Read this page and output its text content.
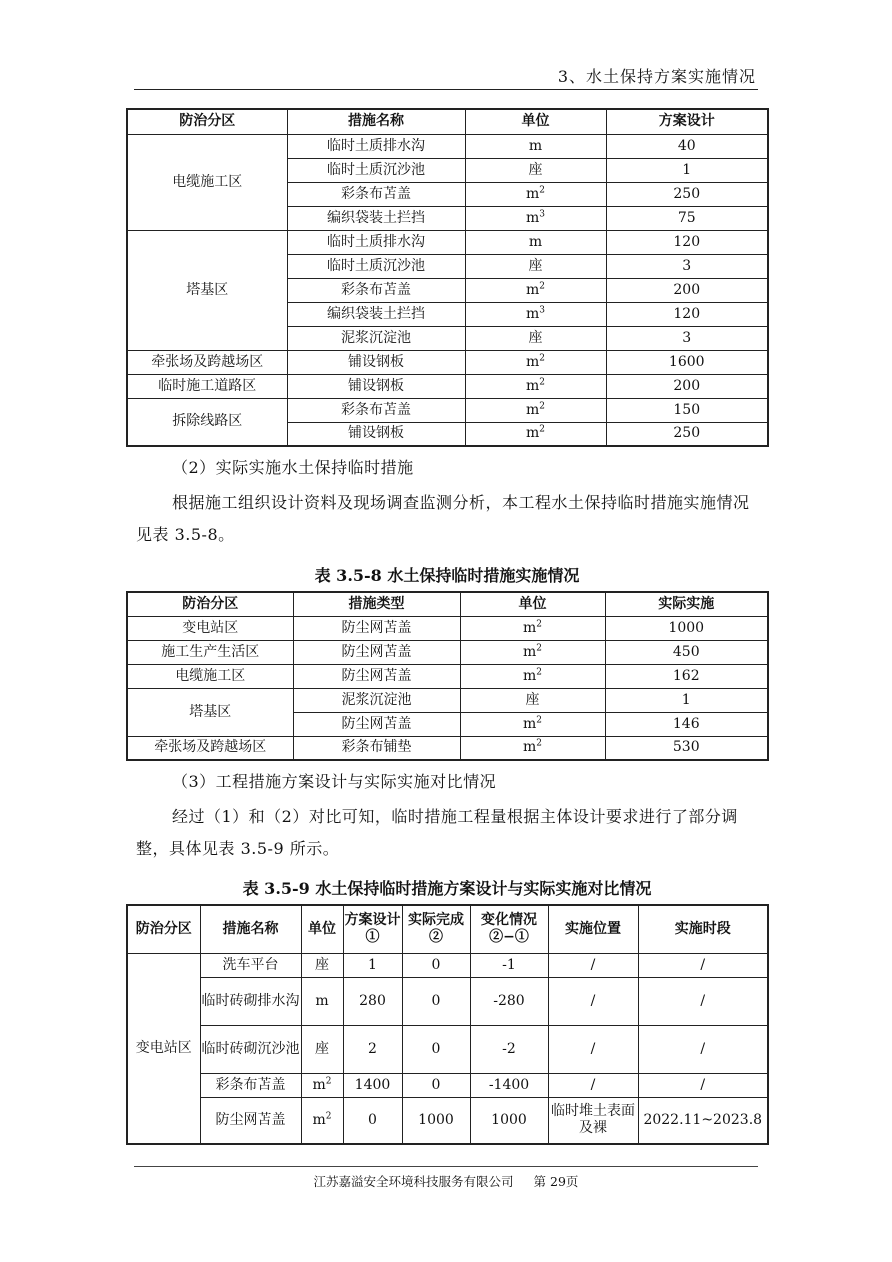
3、水土保持方案实施情况
防治分区	措施名称	单位	方案设计
电缆施工区	临时土质排水沟	m	40
	临时土质沉沙池	座	1
	彩条布苫盖	$m^2$	250
	编织袋装土拦挡	$m^3$	75
塔基区	临时土质排水沟	m	120
	临时土质沉沙池	座	3
	彩条布苫盖	$m^2$	200
	编织袋装土拦挡	$m^3$	120
	泥浆沉淀池	座	3
牵张场及跨越场区	铺设钢板	$m^2$	1600
临时施工道路区	铺设钢板	$m^2$	200
拆除线路区	彩条布苫盖	$m^2$	150
	铺设钢板	$m^2$	250
（2）实际实施水土保持临时措施
根据施工组织设计资料及现场调查监测分析，本工程水土保持临时措施实施情况见表 3.5-8。
表 3.5-8 水土保持临时措施实施情况
防治分区	措施类型	单位	实际实施
变电站区	防尘网苫盖	$m^2$	1000
施工生产生活区	防尘网苫盖	$m^2$	450
电缆施工区	防尘网苫盖	$m^2$	162
塔基区	泥浆沉淀池	座	1
	防尘网苫盖	$m^2$	146
牵张场及跨越场区	彩条布铺垫	$m^2$	530
（3）工程措施方案设计与实际实施对比情况
经过（1）和（2）对比可知，临时措施工程量根据主体设计要求进行了部分调整，具体见表 3.5-9 所示。
表 3.5-9 水土保持临时措施方案设计与实际实施对比情况
防治分区	措施名称	单位	方案设计①	实际完成②	变化情况②−①	实施位置	实施时段
变电站区	洗车平台	座	1	0	-1	/	/
	临时砖砌排水沟	m	280	0	-280	/	/
	临时砖砌沉沙池	座	2	0	-2	/	/
	彩条布苫盖	$m^2$	1400	0	-1400	/	/
	防尘网苫盖	$m^2$	0	1000	1000	临时堆土表面及裸	2022.11~2023.8
江苏嘉溢安全环境科技服务有限公司 第 29页
